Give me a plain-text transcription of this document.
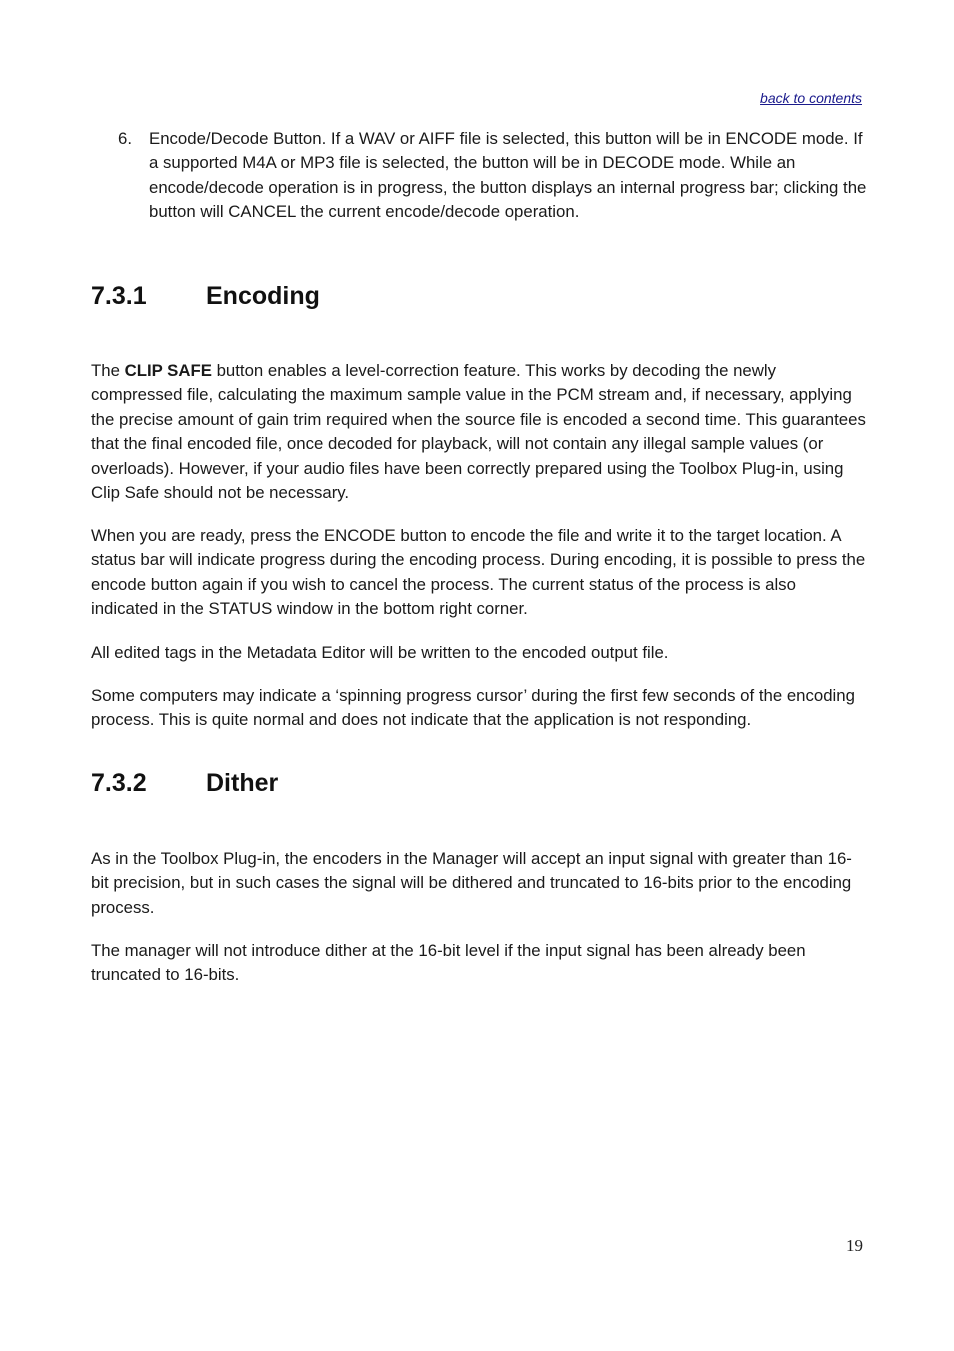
back to contents
6. Encode/Decode Button. If a WAV or AIFF file is selected, this button will be in ENCODE mode. If a supported M4A or MP3 file is selected, the button will be in DECODE mode. While an encode/decode operation is in progress, the button displays an internal progress bar; clicking the button will CANCEL the current encode/decode operation.
7.3.1 Encoding

The CLIP SAFE button enables a level-correction feature. This works by decoding the newly compressed file, calculating the maximum sample value in the PCM stream and, if necessary, applying the precise amount of gain trim required when the source file is encoded a second time. This guarantees that the final encoded file, once decoded for playback, will not contain any illegal sample values (or overloads). However, if your audio files have been correctly prepared using the Toolbox Plug-in, using Clip Safe should not be necessary.

When you are ready, press the ENCODE button to encode the file and write it to the target location. A status bar will indicate progress during the encoding process. During encoding, it is possible to press the encode button again if you wish to cancel the process. The current status of the process is also indicated in the STATUS window in the bottom right corner.

All edited tags in the Metadata Editor will be written to the encoded output file.

Some computers may indicate a ‘spinning progress cursor’ during the first few seconds of the encoding process. This is quite normal and does not indicate that the application is not responding.

7.3.2 Dither

As in the Toolbox Plug-in, the encoders in the Manager will accept an input signal with greater than 16-bit precision, but in such cases the signal will be dithered and truncated to 16-bits prior to the encoding process.

The manager will not introduce dither at the 16-bit level if the input signal has been already been truncated to 16-bits.

19
